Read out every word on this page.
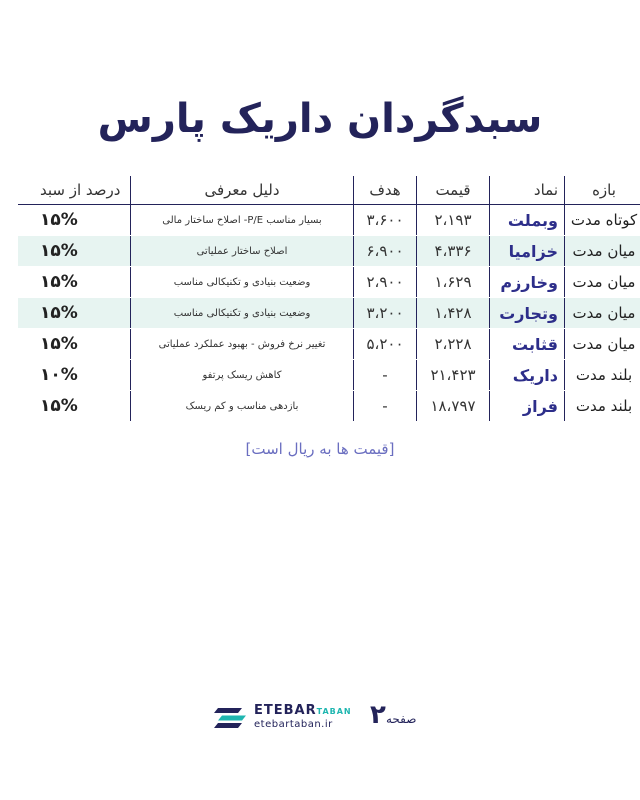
سبدگردان داریک پارس
بازه	نماد	قیمت	هدف	دلیل معرفی	درصد از سبد
کوتاه مدت	وبملت	۲،۱۹۳	۳،۶۰۰	بسیار مناسب P/E- اصلاح ساختار مالی	۱۵%
میان مدت	خزامیا	۴،۳۳۶	۶،۹۰۰	اصلاح ساختار عملیاتی	۱۵%
میان مدت	وخارزم	۱،۶۲۹	۲،۹۰۰	وضعیت بنیادی و تکنیکالی مناسب	۱۵%
میان مدت	وتجارت	۱،۴۲۸	۳،۲۰۰	وضعیت بنیادی و تکنیکالی مناسب	۱۵%
میان مدت	قثابت	۲،۲۲۸	۵،۲۰۰	تغییر نرخ فروش - بهبود عملکرد عملیاتی	۱۵%
بلند مدت	داریک	۲۱،۴۲۳	-	کاهش ریسک پرتفو	۱۰%
بلند مدت	فراز	۱۸،۷۹۷	-	بازدهی مناسب و کم ریسک	۱۵%
[قیمت ها به ریال است]
ETEBARTABAN
etebartaban.ir ۲ صفحه
